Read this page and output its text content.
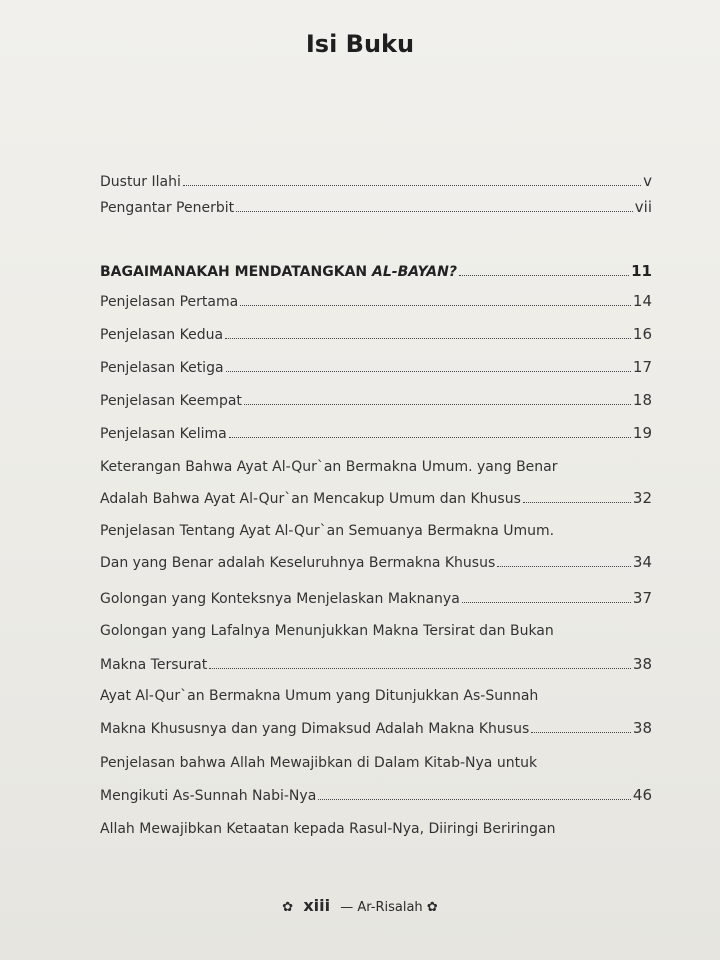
Isi Buku
Dustur Ilahi	v
Pengantar Penerbit	vii
BAGAIMANAKAH MENDATANGKAN AL-BAYAN?	11
Penjelasan Pertama	14
Penjelasan Kedua	16
Penjelasan Ketiga	17
Penjelasan Keempat	18
Penjelasan Kelima	19
Keterangan Bahwa Ayat Al-Qur`an Bermakna Umum. yang Benar
Adalah Bahwa Ayat Al-Qur`an Mencakup Umum dan Khusus	32
Penjelasan Tentang Ayat Al-Qur`an Semuanya Bermakna Umum.
Dan yang Benar adalah Keseluruhnya Bermakna Khusus	34
Golongan yang Konteksnya Menjelaskan Maknanya	37
Golongan yang Lafalnya Menunjukkan Makna Tersirat dan Bukan
Makna Tersurat	38
Ayat Al-Qur`an Bermakna Umum yang Ditunjukkan As-Sunnah
Makna Khususnya dan yang Dimaksud Adalah Makna Khusus	38
Penjelasan bahwa Allah Mewajibkan di Dalam Kitab-Nya untuk
Mengikuti As-Sunnah Nabi-Nya	46
Allah Mewajibkan Ketaatan kepada Rasul-Nya, Diiringi Beriringan
✿ xiii — Ar-Risalah ✿
